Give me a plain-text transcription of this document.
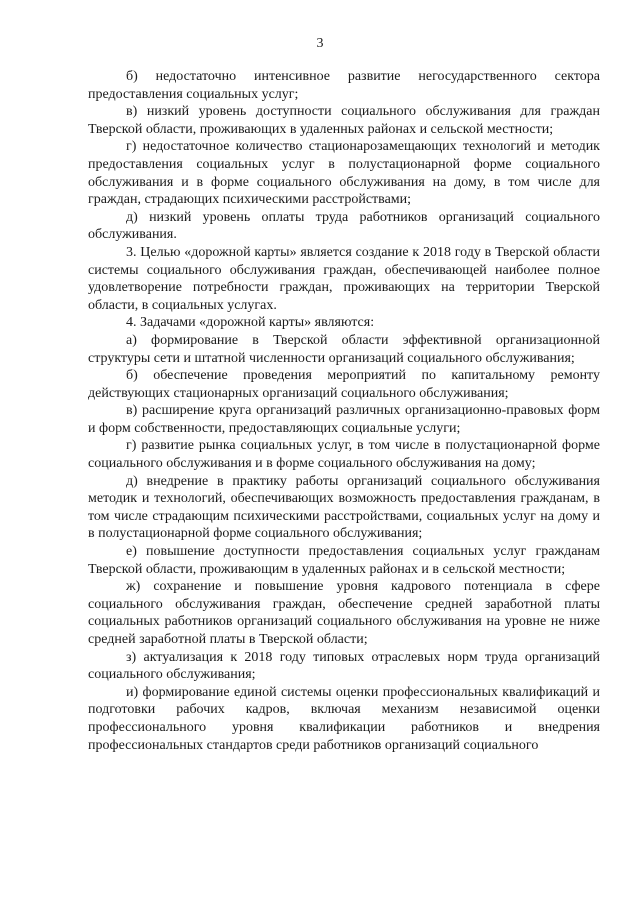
3

б) недостаточно интенсивное развитие негосударственного сектора предоставления социальных услуг;

в) низкий уровень доступности социального обслуживания для граждан Тверской области, проживающих в удаленных районах и сельской местности;

г) недостаточное количество стационарозамещающих технологий и методик предоставления социальных услуг в полустационарной форме социального обслуживания и в форме социального обслуживания на дому, в том числе для граждан, страдающих психическими расстройствами;

д) низкий уровень оплаты труда работников организаций социального обслуживания.

3. Целью «дорожной карты» является создание к 2018 году в Тверской области системы социального обслуживания граждан, обеспечивающей наиболее полное удовлетворение потребности граждан, проживающих на территории Тверской области, в социальных услугах.

4. Задачами «дорожной карты» являются:

а) формирование в Тверской области эффективной организационной структуры сети и штатной численности организаций социального обслуживания;

б) обеспечение проведения мероприятий по капитальному ремонту действующих стационарных организаций социального обслуживания;

в) расширение круга организаций различных организационно-правовых форм и форм собственности, предоставляющих социальные услуги;

г) развитие рынка социальных услуг, в том числе в полустационарной форме социального обслуживания и в форме социального обслуживания на дому;

д) внедрение в практику работы организаций социального обслуживания методик и технологий, обеспечивающих возможность предоставления гражданам, в том числе страдающим психическими расстройствами, социальных услуг на дому и в полустационарной форме социального обслуживания;

е) повышение доступности предоставления социальных услуг гражданам Тверской области, проживающим в удаленных районах и в сельской местности;

ж) сохранение и повышение уровня кадрового потенциала в сфере социального обслуживания граждан, обеспечение средней заработной платы социальных работников организаций социального обслуживания на уровне не ниже средней заработной платы в Тверской области;

з) актуализация к 2018 году типовых отраслевых норм труда организаций социального обслуживания;

и) формирование единой системы оценки профессиональных квалификаций и подготовки рабочих кадров, включая механизм независимой оценки профессионального уровня квалификации работников и внедрения профессиональных стандартов среди работников организаций социального
